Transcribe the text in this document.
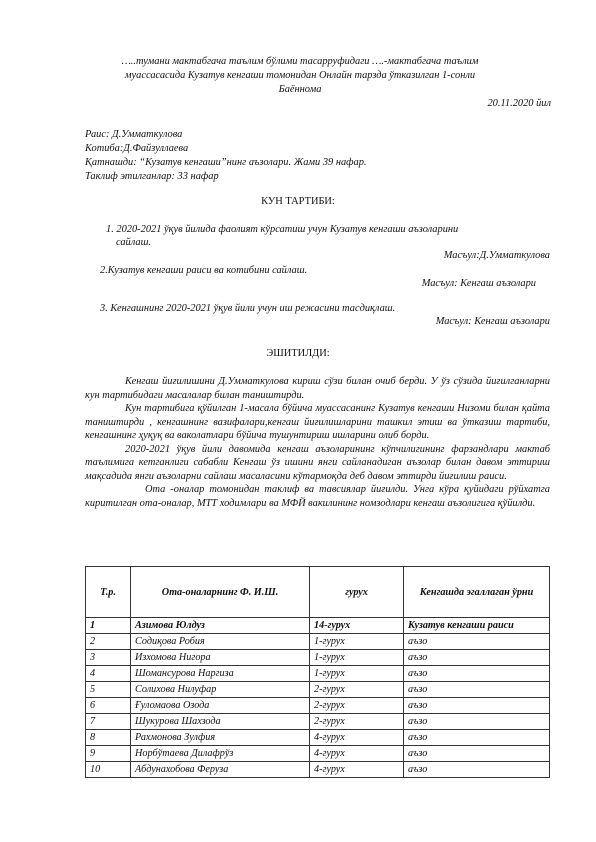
…..тумани мактабгача таълим бўлими тасарруфидаги ….-мактабгача таълим
муассасасида Кузатув кенгаши томонидан Онлайн тарзда ўтказилган 1-сонли
Баённома
20.11.2020 йил
Раис: Д.Умматкулова
Котиба:Д.Файзуллаева
Қатнашди: “Кузатув кенгаши”нинг аъзолари. Жами 39 нафар.
Таклиф этилганлар: 33 нафар
КУН ТАРТИБИ:
1. 2020-2021 ўқув йилида фаолият кўрсатиш учун Кузатув кенгаши аъзоларини
сайлаш.
Масъул:Д.Умматкулова
2.Кузатув кенгаши раиси ва котибини сайлаш.
Масъул: Кенгаш аъзолари
3. Кенгашнинг 2020-2021 ўқув йили учун иш режасини тасдиқлаш.
Масъул: Кенгаш аъзолари
ЭШИТИЛДИ:

Кенгаш йиғилишини Д.Умматкулова кириш сўзи билан очиб берди. У ўз сўзида йиғилганларни кун тартибидаги масалалар билан таништирди.

Кун тартибига қўйилган 1-масала бўйича муассасанинг Кузатув кенгаши Низоми билан қайта таништирди , кенгашнинг вазифалари,кенгаш йиғилишларини ташкил этиш ва ўтказиш тартиби, кенгашнинг ҳуқуқ ва ваколатлари бўйича тушунтириш ишларини олиб борди.

2020-2021 ўқув йили давомида кенгаш аъзоларининг кўпчилигининг фарзандлари мактаб таълимига кетганлиги сабабли Кенгаш ўз ишини янги сайланадиган аъзолар билан давом эттириш мақсадида янги аъзоларни сайлаш масаласини кўтармоқда деб давом эттирди йиғилиш раиси.

Ота -оналар томонидан таклиф ва тавсиялар йиғилди. Унга кўра қуйидаги рўйхатга киритилган ота-оналар, МТТ ходимлари ва МФЙ вакилининг номзодлари кенгаш аъзолигига қўйилди.

Т.р.	Ота-оналарнинг Ф. И.Ш.	гурух	Кенгашда эгаллаган ўрни
1	Азимова Юлдуз	14-гурух	Кузатув кенгаши раиси
2	Содиқова Робия	1-гурух	аъзо
3	Изхомова Нигора	1-гурух	аъзо
4	Шомансурова Наргиза	1-гурух	аъзо
5	Солихова Нилуфар	2-гурух	аъзо
6	Ғуломаова Озода	2-гурух	аъзо
7	Шукурова Шахзода	2-гурух	аъзо
8	Рахмонова Зулфия	4-гурух	аъзо
9	Норбўтаева Дилафрўз	4-гурух	аъзо
10	Абдунахобова Феруза	4-гурух	аъзо
